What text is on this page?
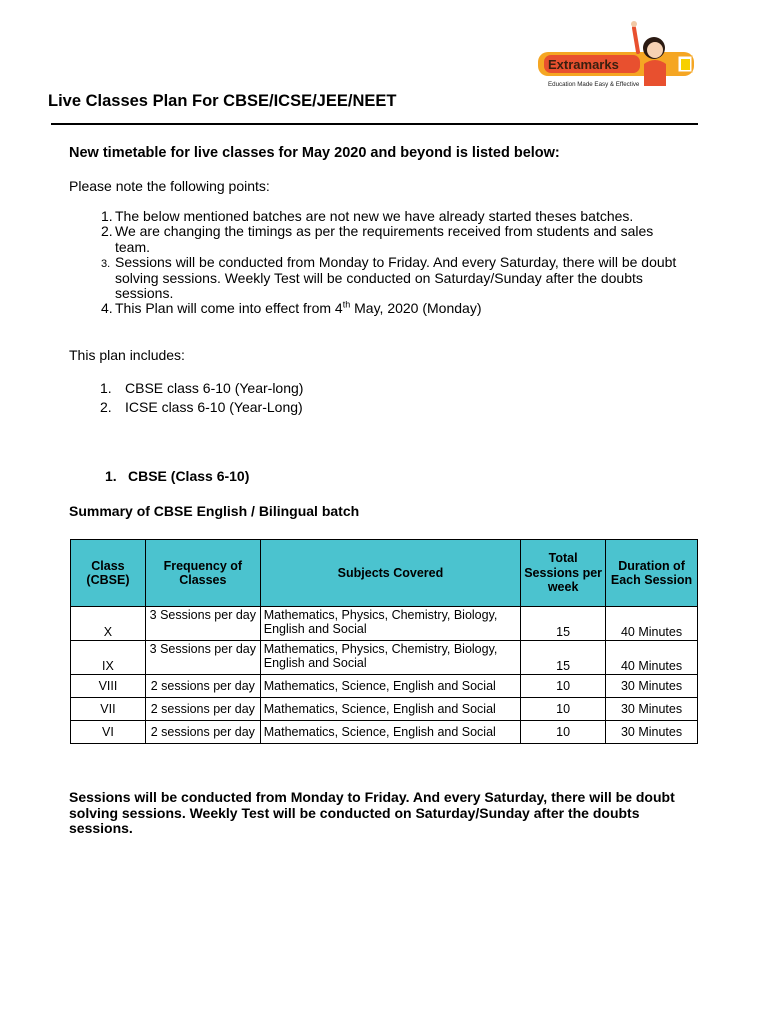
Extramarks
Education Made Easy & Effective
Live Classes Plan For CBSE/ICSE/JEE/NEET

New timetable for live classes for May 2020 and beyond is listed below:

Please note the following points:

1. The below mentioned batches are not new we have already started theses batches.
2. We are changing the timings as per the requirements received from students and sales team.
3. Sessions will be conducted from Monday to Friday. And every Saturday, there will be doubt solving sessions. Weekly Test will be conducted on Saturday/Sunday after the doubts sessions.
4. This Plan will come into effect from 4th May, 2020 (Monday)

This plan includes:

1. CBSE class 6-10 (Year-long)
2. ICSE class 6-10 (Year-Long)
1. CBSE (Class 6-10)

Summary of CBSE English / Bilingual batch

Class (CBSE)	Frequency of Classes	Subjects Covered	Total Sessions per week	Duration of Each Session
X	3 Sessions per day	Mathematics, Physics, Chemistry, Biology, English and Social	15	40 Minutes
IX	3 Sessions per day	Mathematics, Physics, Chemistry, Biology, English and Social	15	40 Minutes
VIII	2 sessions per day	Mathematics, Science, English and Social	10	30 Minutes
VII	2 sessions per day	Mathematics, Science, English and Social	10	30 Minutes
VI	2 sessions per day	Mathematics, Science, English and Social	10	30 Minutes

Sessions will be conducted from Monday to Friday. And every Saturday, there will be doubt solving sessions. Weekly Test will be conducted on Saturday/Sunday after the doubts sessions.
